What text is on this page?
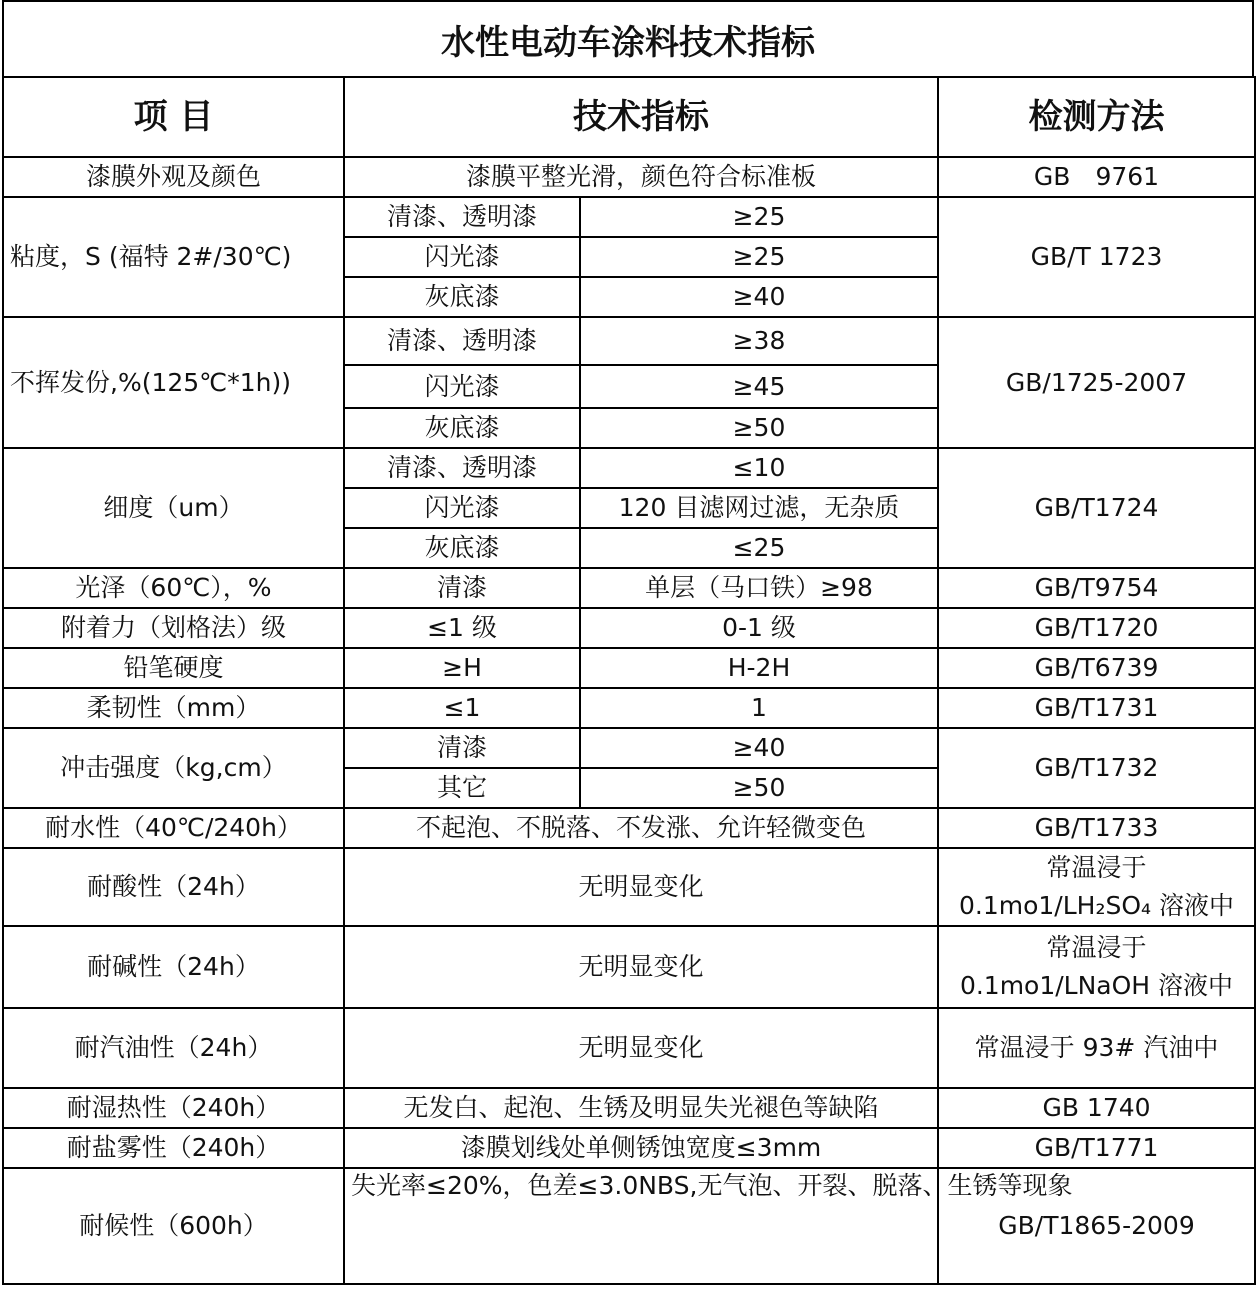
水性电动车涂料技术指标
项 目	技术指标		检测方法
漆膜外观及颜色	漆膜平整光滑，颜色符合标准板		GB　9761
粘度，S (福特 2#/30℃)	清漆、透明漆	≥25	GB/T 1723
	闪光漆	≥25	
	灰底漆	≥40	
不挥发份,%(125℃*1h))	清漆、透明漆	≥38	GB/1725-2007
	闪光漆	≥45	
	灰底漆	≥50	
细度（um）	清漆、透明漆	≤10	GB/T1724
	闪光漆	120 目滤网过滤，无杂质	
	灰底漆	≤25	
光泽（60℃），%	清漆	单层（马口铁）≥98	GB/T9754
附着力（划格法）级	≤1 级	0-1 级	GB/T1720
铅笔硬度	≥H	H-2H	GB/T6739
柔韧性（mm）	≤1	1	GB/T1731
冲击强度（kg,cm）	清漆	≥40	GB/T1732
	其它	≥50	
耐水性（40℃/240h）	不起泡、不脱落、不发涨、允许轻微变色		GB/T1733
耐酸性（24h）	无明显变化		常温浸于
0.1mo1/LH₂SO₄ 溶液中

耐碱性（24h）	无明显变化		常温浸于
0.1mo1/LNaOH 溶液中

耐汽油性（24h）	无明显变化		常温浸于 93# 汽油中
耐湿热性（240h）	无发白、起泡、生锈及明显失光褪色等缺陷		GB 1740
耐盐雾性（240h）	漆膜划线处单侧锈蚀宽度≤3mm		GB/T1771
耐候性（600h）	失光率≤20%，色差≤3.0NBS,无气泡、开裂、脱落、生锈等现象		GB/T1865-2009
